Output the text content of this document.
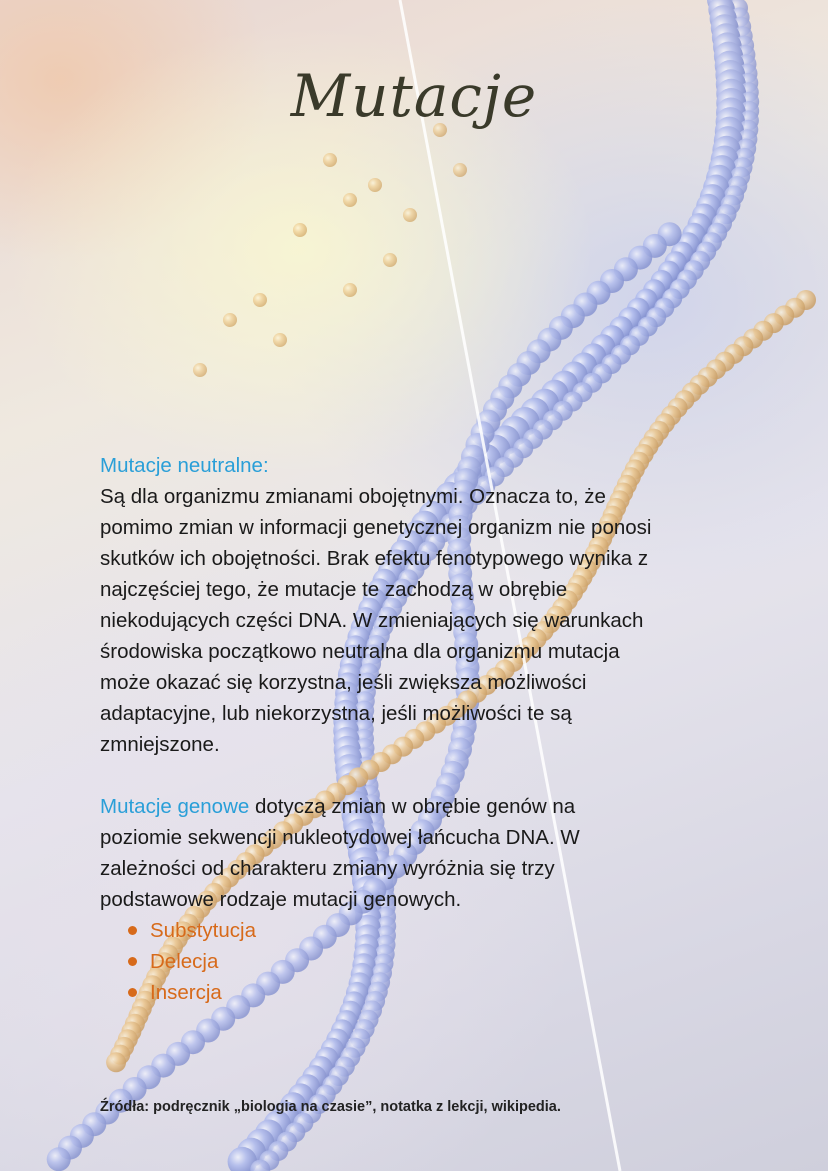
Mutacje
Mutacje neutralne:

Są dla organizmu zmianami obojętnymi. Oznacza to, że
pomimo zmian w informacji genetycznej organizm nie ponosi
skutków ich obojętności. Brak efektu fenotypowego wynika z
najczęściej tego, że mutacje te zachodzą w obrębie
niekodujących części DNA. W zmieniających się warunkach
środowiska początkowo neutralna dla organizmu mutacja
może okazać się korzystna, jeśli zwiększa możliwości
adaptacyjne, lub niekorzystna, jeśli możliwości te są
zmniejszone.

Mutacje genowe dotyczą zmian w obrębie genów na
poziomie sekwencji nukleotydowej łańcucha DNA. W
zależności od charakteru zmiany wyróżnia się trzy
podstawowe rodzaje mutacji genowych.

Substytucja
Delecja
Insercja
Źródła: podręcznik „biologia na czasie”, notatka z lekcji, wikipedia.
